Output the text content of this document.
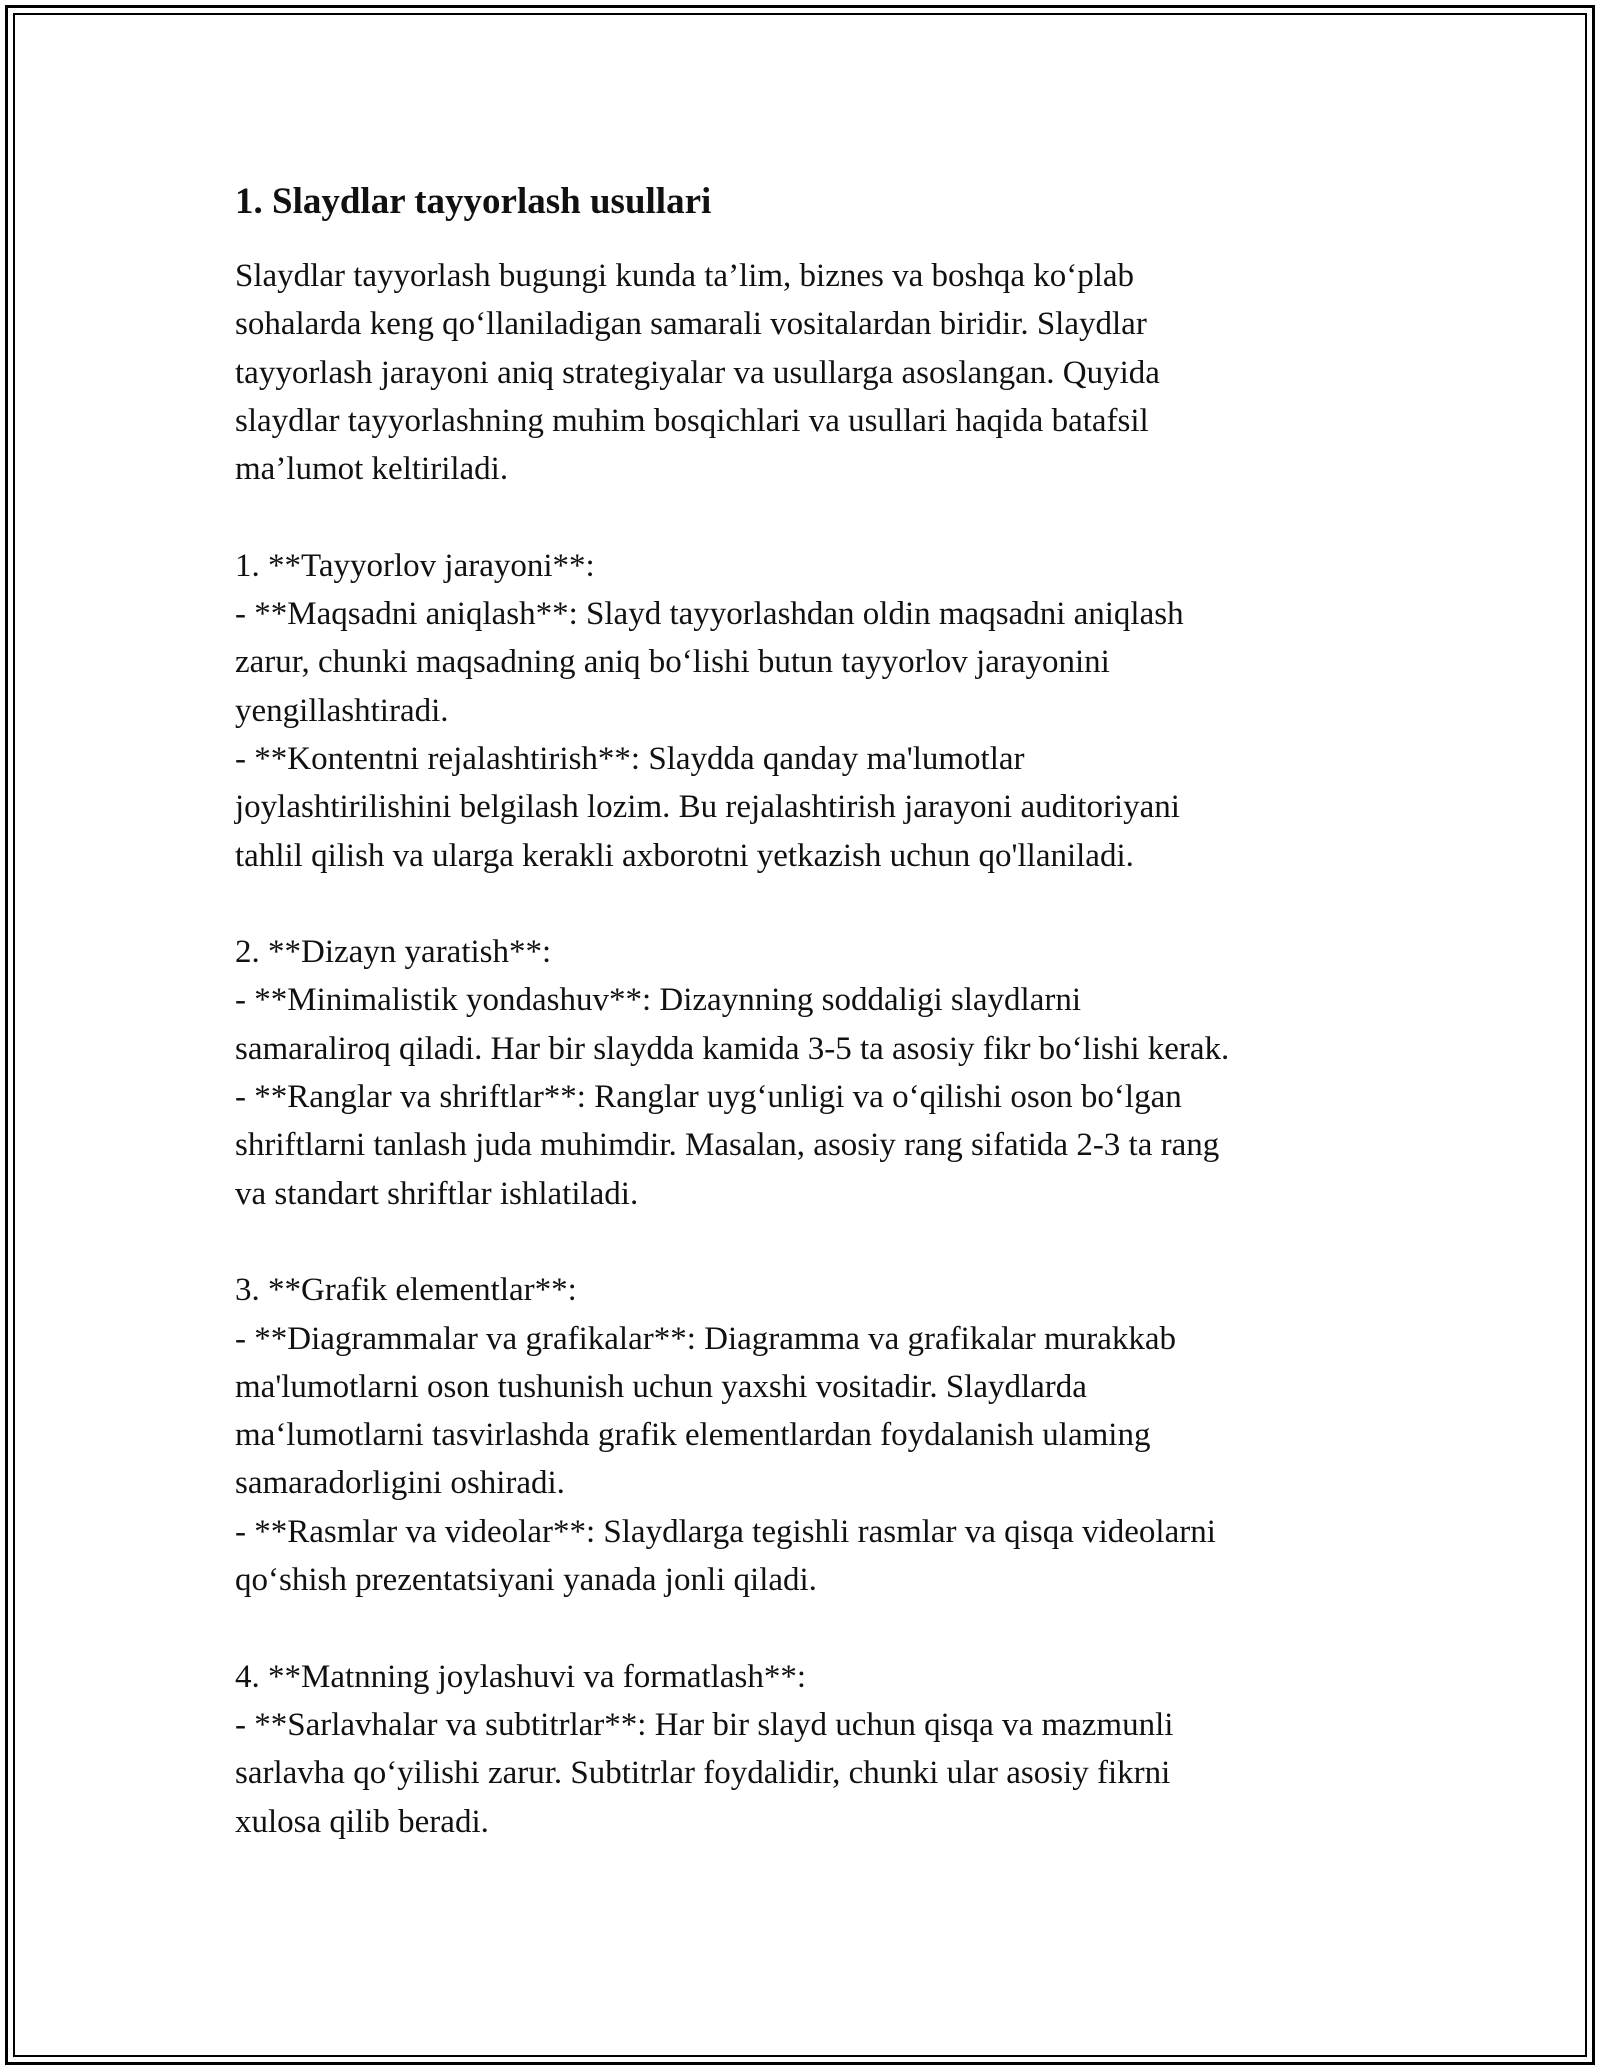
1. Slaydlar tayyorlash usullari

Slaydlar tayyorlash bugungi kunda ta’lim, biznes va boshqa ko‘plab
sohalarda keng qo‘llaniladigan samarali vositalardan biridir. Slaydlar
tayyorlash jarayoni aniq strategiyalar va usullarga asoslangan. Quyida
slaydlar tayyorlashning muhim bosqichlari va usullari haqida batafsil
ma’lumot keltiriladi.

1. **Tayyorlov jarayoni**:
- **Maqsadni aniqlash**: Slayd tayyorlashdan oldin maqsadni aniqlash
zarur, chunki maqsadning aniq bo‘lishi butun tayyorlov jarayonini
yengillashtiradi.
- **Kontentni rejalashtirish**: Slaydda qanday ma'lumotlar
joylashtirilishini belgilash lozim. Bu rejalashtirish jarayoni auditoriyani
tahlil qilish va ularga kerakli axborotni yetkazish uchun qo'llaniladi.

2. **Dizayn yaratish**:
- **Minimalistik yondashuv**: Dizaynning soddaligi slaydlarni
samaraliroq qiladi. Har bir slaydda kamida 3-5 ta asosiy fikr bo‘lishi kerak.
- **Ranglar va shriftlar**: Ranglar uyg‘unligi va o‘qilishi oson bo‘lgan
shriftlarni tanlash juda muhimdir. Masalan, asosiy rang sifatida 2-3 ta rang
va standart shriftlar ishlatiladi.

3. **Grafik elementlar**:
- **Diagrammalar va grafikalar**: Diagramma va grafikalar murakkab
ma'lumotlarni oson tushunish uchun yaxshi vositadir. Slaydlarda
ma‘lumotlarni tasvirlashda grafik elementlardan foydalanish ulaming
samaradorligini oshiradi.
- **Rasmlar va videolar**: Slaydlarga tegishli rasmlar va qisqa videolarni
qo‘shish prezentatsiyani yanada jonli qiladi.

4. **Matnning joylashuvi va formatlash**:
- **Sarlavhalar va subtitrlar**: Har bir slayd uchun qisqa va mazmunli
sarlavha qo‘yilishi zarur. Subtitrlar foydalidir, chunki ular asosiy fikrni
xulosa qilib beradi.
